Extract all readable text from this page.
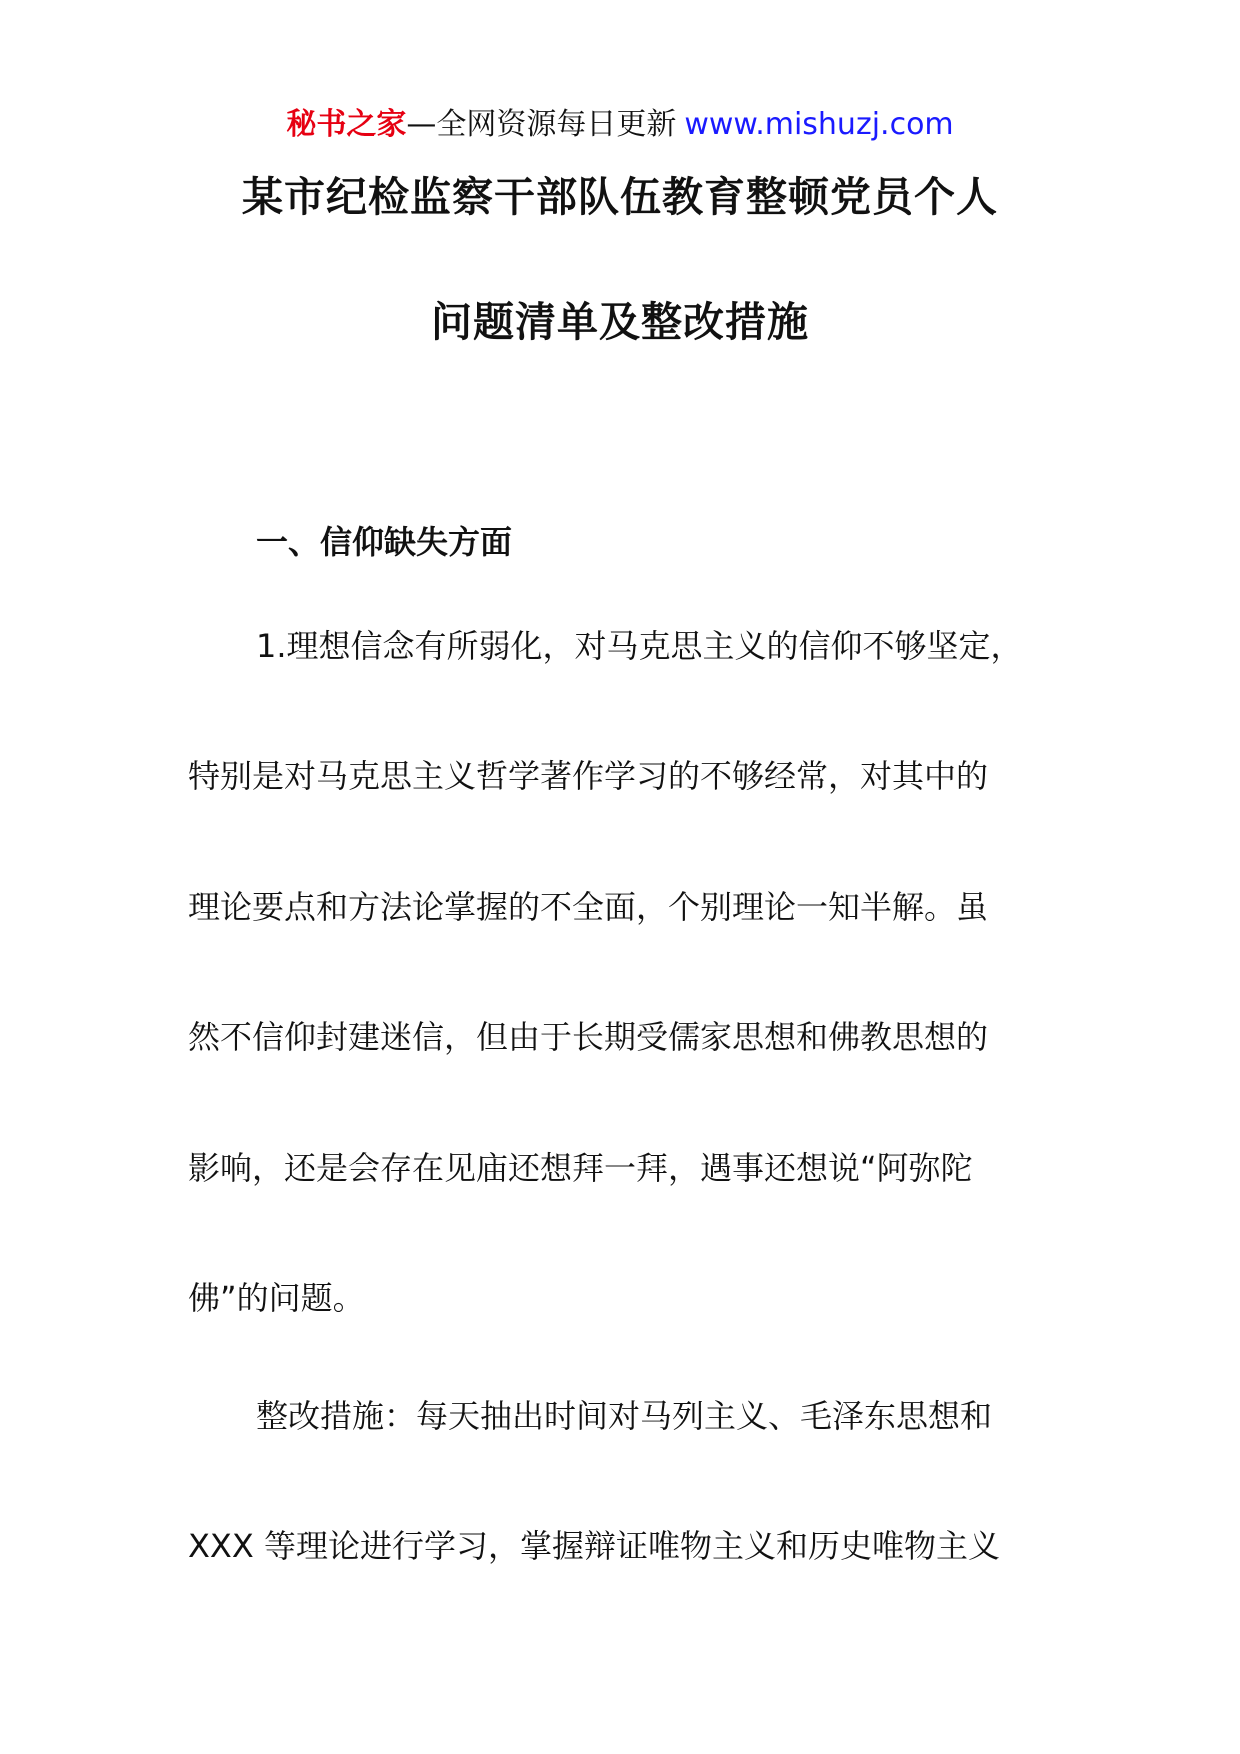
秘书之家—全网资源每日更新 www.mishuzj.com
某市纪检监察干部队伍教育整顿党员个人
问题清单及整改措施
一、信仰缺失方面
1.理想信念有所弱化，对马克思主义的信仰不够坚定，
特别是对马克思主义哲学著作学习的不够经常，对其中的
理论要点和方法论掌握的不全面，个别理论一知半解。虽
然不信仰封建迷信，但由于长期受儒家思想和佛教思想的
影响，还是会存在见庙还想拜一拜，遇事还想说“阿弥陀
佛”的问题。
整改措施：每天抽出时间对马列主义、毛泽东思想和
XXX 等理论进行学习，掌握辩证唯物主义和历史唯物主义
